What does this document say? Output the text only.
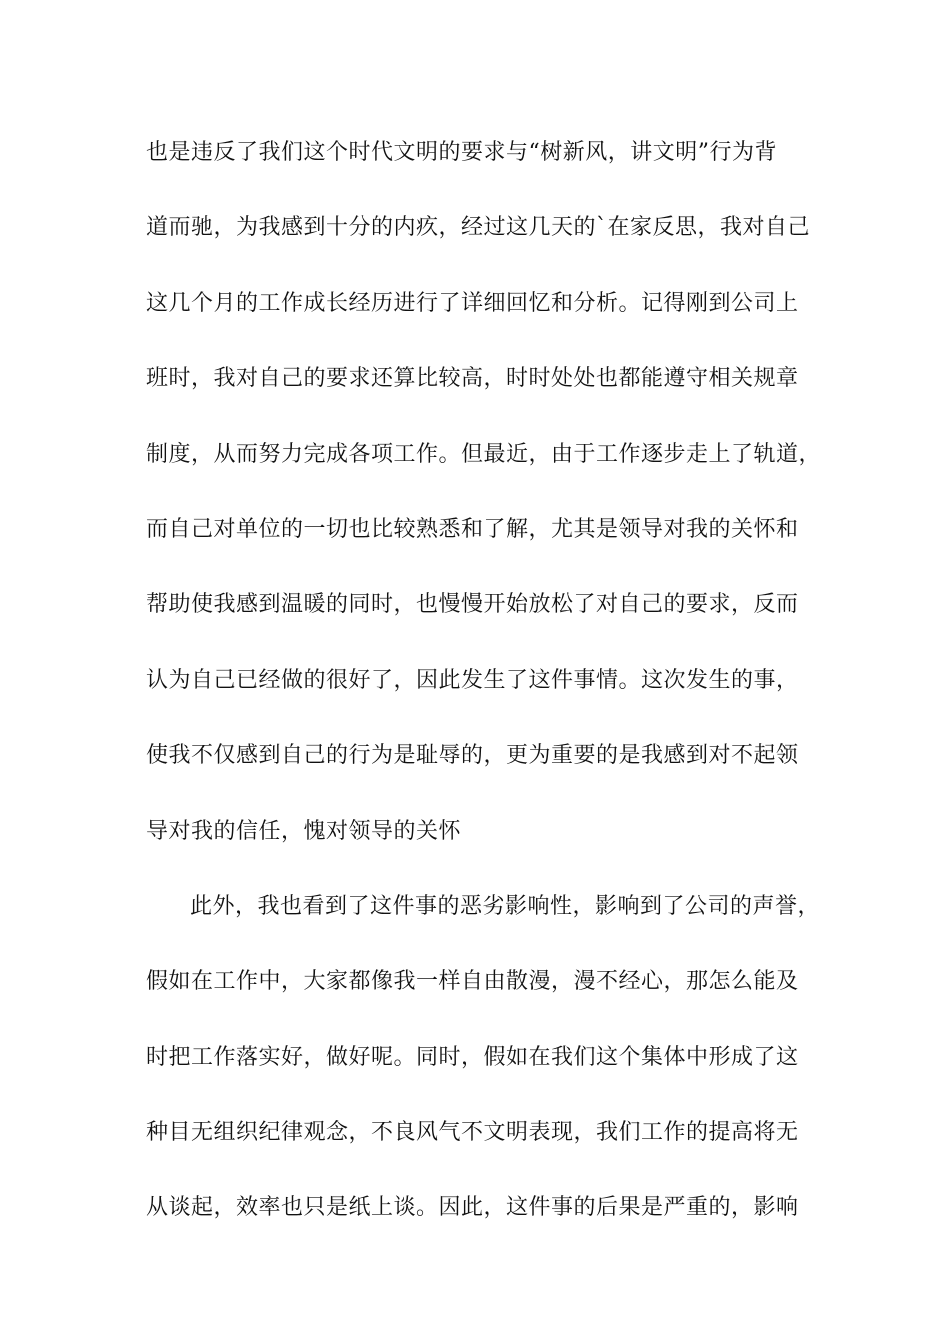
也是违反了我们这个时代文明的要求与“树新风，讲文明”行为背
道而驰，为我感到十分的内疚，经过这几天的`在家反思，我对自己
这几个月的工作成长经历进行了详细回忆和分析。记得刚到公司上
班时，我对自己的要求还算比较高，时时处处也都能遵守相关规章
制度，从而努力完成各项工作。但最近，由于工作逐步走上了轨道，
而自己对单位的一切也比较熟悉和了解，尤其是领导对我的关怀和
帮助使我感到温暖的同时，也慢慢开始放松了对自己的要求，反而
认为自己已经做的很好了，因此发生了这件事情。这次发生的事，
使我不仅感到自己的行为是耻辱的，更为重要的是我感到对不起领
导对我的信任，愧对领导的关怀
此外，我也看到了这件事的恶劣影响性，影响到了公司的声誉，
假如在工作中，大家都像我一样自由散漫，漫不经心，那怎么能及
时把工作落实好，做好呢。同时，假如在我们这个集体中形成了这
种目无组织纪律观念，不良风气不文明表现，我们工作的提高将无
从谈起，效率也只是纸上谈。因此，这件事的后果是严重的，影响
